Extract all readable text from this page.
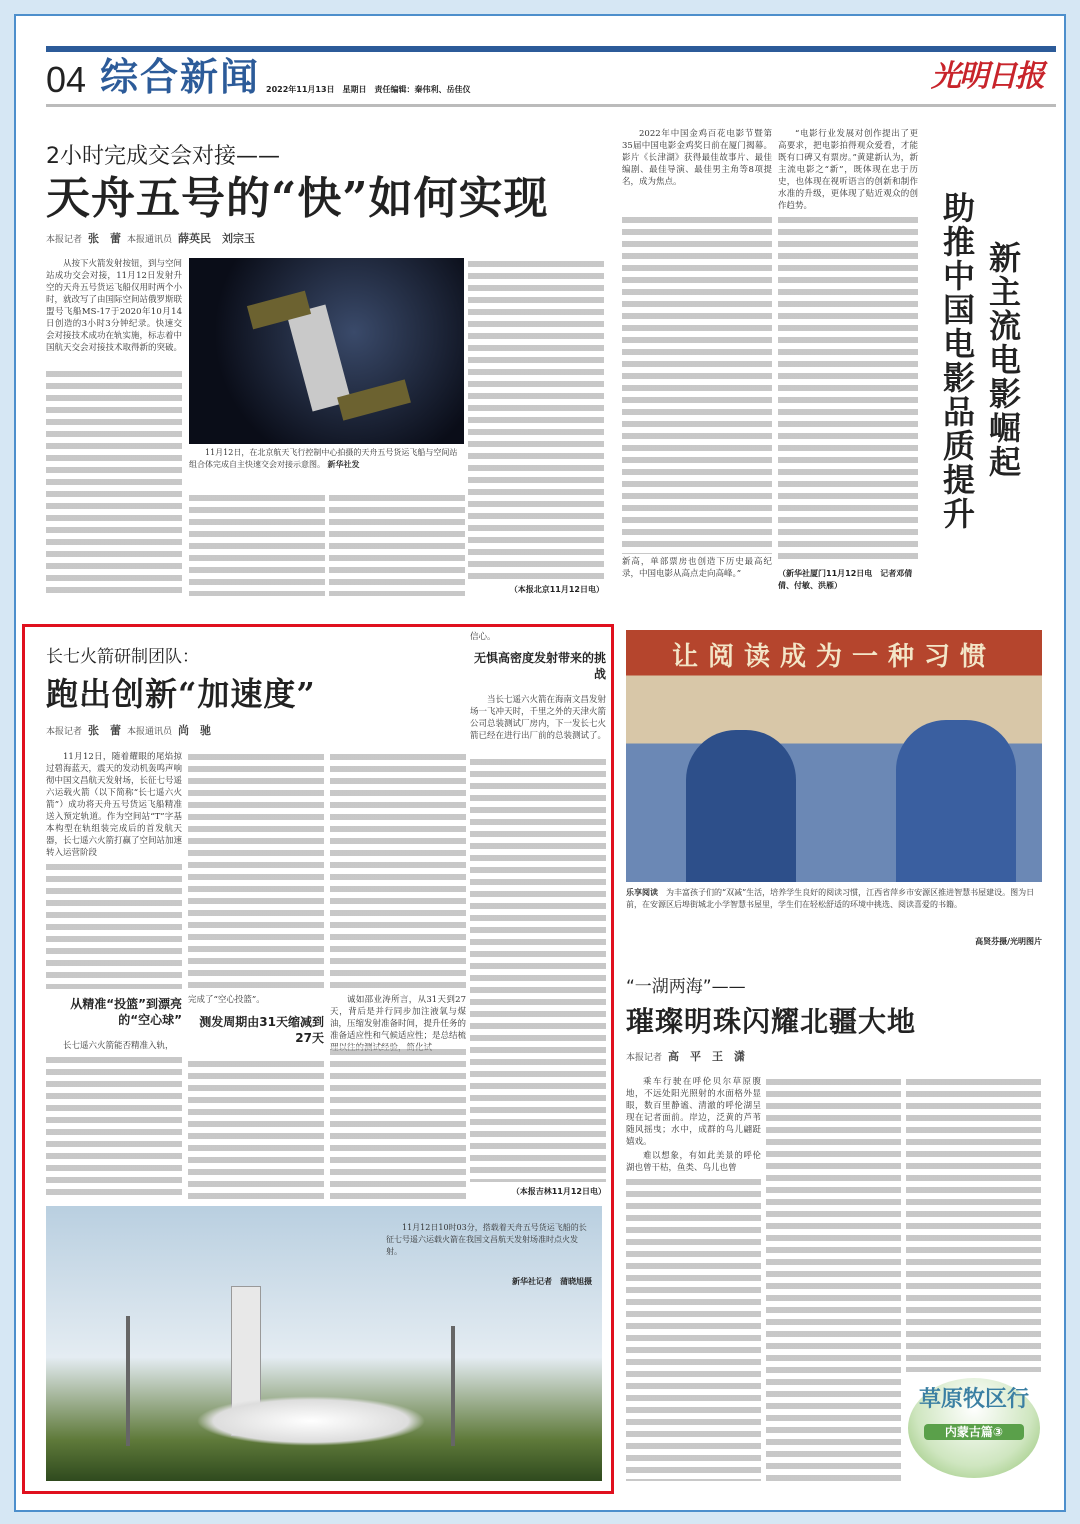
04 综合新闻 2022年11月13日　星期日　责任编辑：秦伟利、岳佳仪	光明日报
2小时完成交会对接——
天舟五号的“快”如何实现
本报记者 张　蕾 本报通讯员 薛英民　刘宗玉
从按下火箭发射按钮，到与空间站成功交会对接，11月12日发射升空的天舟五号货运飞船仅用时两个小时，就改写了由国际空间站俄罗斯联盟号飞船MS-17于2020年10月14日创造的3小时3分钟纪录。快速交会对接技术成功在轨实施，标志着中国航天交会对接技术取得新的突破。
11月12日，在北京航天飞行控制中心拍摄的天舟五号货运飞船与空间站组合体完成自主快速交会对接示意图。 新华社发
（本报北京11月12日电）
2022年中国金鸡百花电影节暨第35届中国电影金鸡奖日前在厦门揭幕。影片《长津湖》获得最佳故事片、最佳编剧、最佳导演、最佳男主角等8项提名，成为焦点。
新高，单部票房也创造下历史最高纪录，中国电影从高点走向高峰。”
“电影行业发展对创作提出了更高要求，把电影拍得观众爱看，才能既有口碑又有票房。”黄建新认为，新主流电影之“新”，既体现在忠于历史，也体现在视听语言的创新和制作水准的升级，更体现了贴近观众的创作趋势。
（新华社厦门11月12日电　记者邓倩倩、付敏、洪雁）
助推中国电影品质提升 新主流电影崛起
长七火箭研制团队：
跑出创新“加速度”
本报记者 张　蕾 本报通讯员 尚　驰
11月12日，随着耀眼的尾焰掠过碧海蓝天，震天的发动机轰鸣声响彻中国文昌航天发射场，长征七号遥六运载火箭（以下简称“长七遥六火箭”）成功将天舟五号货运飞船精准送入预定轨道。作为空间站“T”字基本构型在轨组装完成后的首发航天器，长七遥六火箭打赢了空间站加速转入运营阶段
从精准“投篮”到漂亮的“空心球”
长七遥六火箭能否精准入轨，
完成了“空心投篮”。
测发周期由31天缩减到27天
诚如邵业涛所言，从31天到27天，背后是并行同步加注液氧与煤油，压缩发射准备时间，提升任务的准备适应性和气候适应性；是总结梳
信心。
无惧高密度发射带来的挑战
当长七遥六火箭在海南文昌发射场一飞冲天时，千里之外的天津火箭公司总装测试厂房内，下一发长七火箭已经在进行出厂前的总装测试了。
（本报吉林11月12日电）
11月12日10时03分，搭载着天舟五号货运飞船的长征七号遥六运载火箭在我国文昌航天发射场准时点火发射。
新华社记者　蒲晓旭摄
让阅读成为一种习惯
乐享阅读　 为丰富孩子们的“双减”生活，培养学生良好的阅读习惯，江西省萍乡市安源区推进智慧书屋建设。图为日前，在安源区后埠街城北小学智慧书屋里，学生们在轻松舒适的环境中挑选、阅读喜爱的书籍。
高贤芬摄/光明图片
“一湖两海”——
璀璨明珠闪耀北疆大地
本报记者 高　平　王　潇
乘车行驶在呼伦贝尔草原腹地，不远处阳光照射的水面格外显眼，数百里静谧、清澈的呼伦湖呈现在记者面前。岸边，泛黄的芦苇随风摇曳；水中，成群的鸟儿翩跹嬉戏。
难以想象，有如此美景的呼伦湖也曾干枯，鱼类、鸟儿也曾
草原牧区行
内蒙古篇③
